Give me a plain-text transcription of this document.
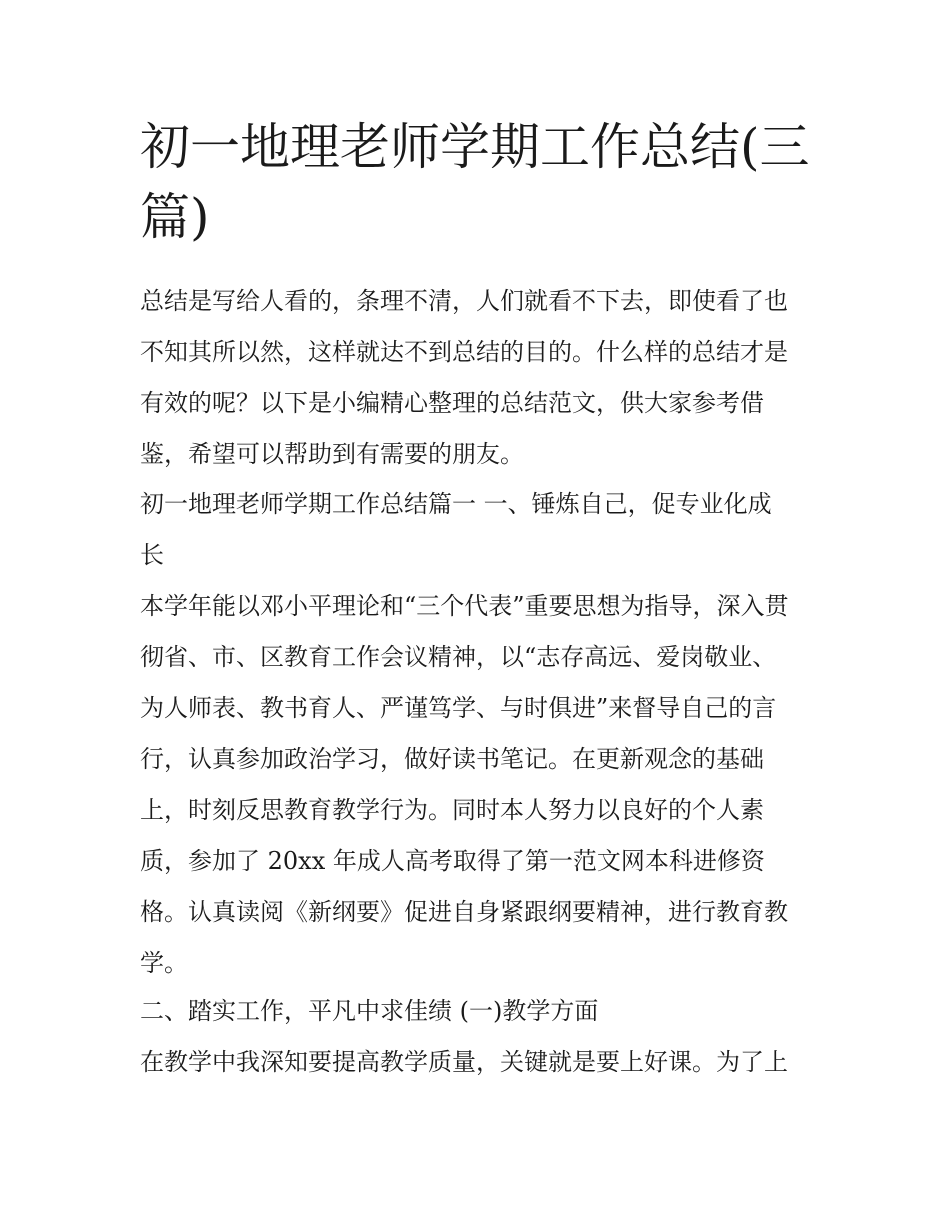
初一地理老师学期工作总结(三
篇)

总结是写给人看的，条理不清，人们就看不下去，即使看了也
不知其所以然，这样就达不到总结的目的。什么样的总结才是
有效的呢？以下是小编精心整理的总结范文，供大家参考借
鉴，希望可以帮助到有需要的朋友。

初一地理老师学期工作总结篇一 一、锤炼自己，促专业化成
长

本学年能以邓小平理论和“三个代表”重要思想为指导，深入贯
彻省、市、区教育工作会议精神，以“志存高远、爱岗敬业、
为人师表、教书育人、严谨笃学、与时俱进”来督导自己的言
行，认真参加政治学习，做好读书笔记。在更新观念的基础
上，时刻反思教育教学行为。同时本人努力以良好的个人素
质，参加了 20xx 年成人高考取得了第一范文网本科进修资
格。认真读阅《新纲要》促进自身紧跟纲要精神，进行教育教
学。

二、踏实工作，平凡中求佳绩 (一)教学方面

在教学中我深知要提高教学质量，关键就是要上好课。为了上
